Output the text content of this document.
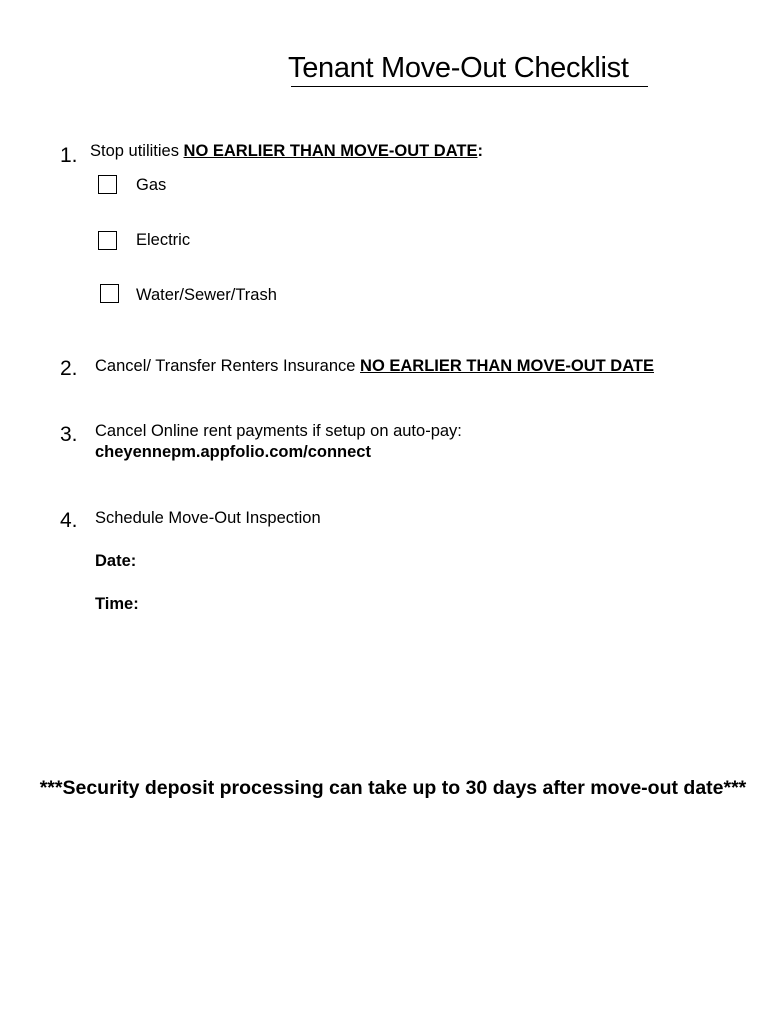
Tenant Move-Out Checklist
1. Stop utilities NO EARLIER THAN MOVE-OUT DATE:
Gas
Electric
Water/Sewer/Trash
2. Cancel/ Transfer Renters Insurance NO EARLIER THAN MOVE-OUT DATE
3. Cancel Online rent payments if setup on auto-pay:
cheyennepm.appfolio.com/connect
4. Schedule Move-Out Inspection
Date:
Time:
***Security deposit processing can take up to 30 days after move-out date***
